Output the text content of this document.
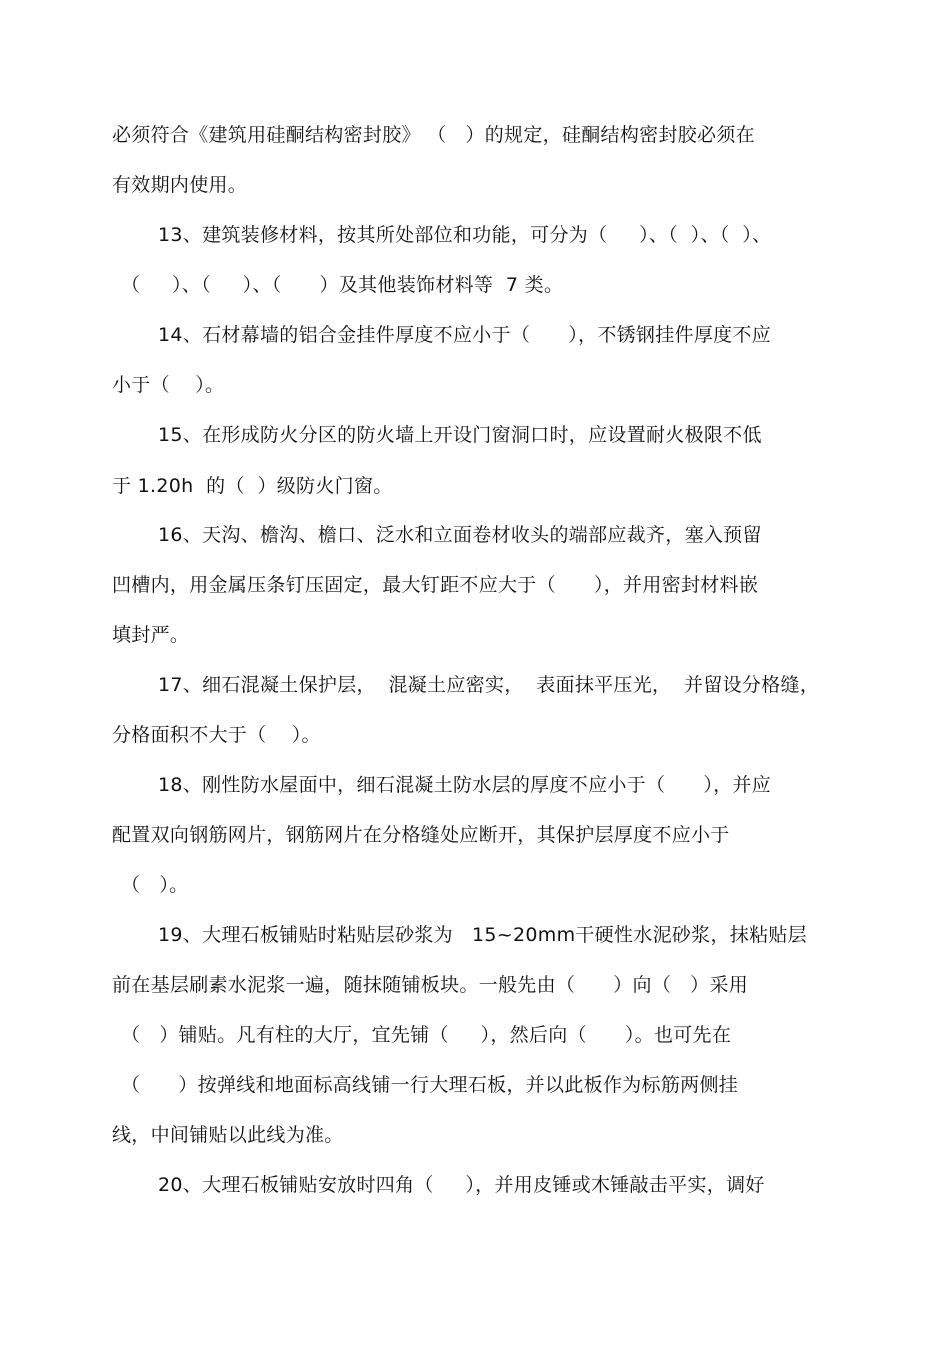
必须符合《建筑用硅酮结构密封胶》 （   ）的规定，硅酮结构密封胶必须在
有效期内使用。
13、建筑装修材料，按其所处部位和功能，可分为（     ）、（  ）、（  ）、
（     ）、（     ）、（      ）及其他装饰材料等  7 类。
14、石材幕墙的铝合金挂件厚度不应小于（      ），不锈钢挂件厚度不应
小于（    ）。
15、在形成防火分区的防火墙上开设门窗洞口时，应设置耐火极限不低
于 1.20h  的（  ）级防火门窗。
16、天沟、檐沟、檐口、泛水和立面卷材收头的端部应裁齐，塞入预留
凹槽内，用金属压条钉压固定，最大钉距不应大于（      ），并用密封材料嵌
填封严。
17、细石混凝土保护层，  混凝土应密实，  表面抹平压光，  并留设分格缝，
分格面积不大于（    ）。
18、刚性防水屋面中，细石混凝土防水层的厚度不应小于（      ），并应
配置双向钢筋网片，钢筋网片在分格缝处应断开，其保护层厚度不应小于
（   ）。
19、大理石板铺贴时粘贴层砂浆为   15~20mm干硬性水泥砂浆，抹粘贴层
前在基层刷素水泥浆一遍，随抹随铺板块。一般先由（      ）向（   ）采用
（   ）铺贴。凡有柱的大厅，宜先铺（     ），然后向（      ）。也可先在
（      ）按弹线和地面标高线铺一行大理石板，并以此板作为标筋两侧挂
线，中间铺贴以此线为准。
20、大理石板铺贴安放时四角（     ），并用皮锤或木锤敲击平实，调好
